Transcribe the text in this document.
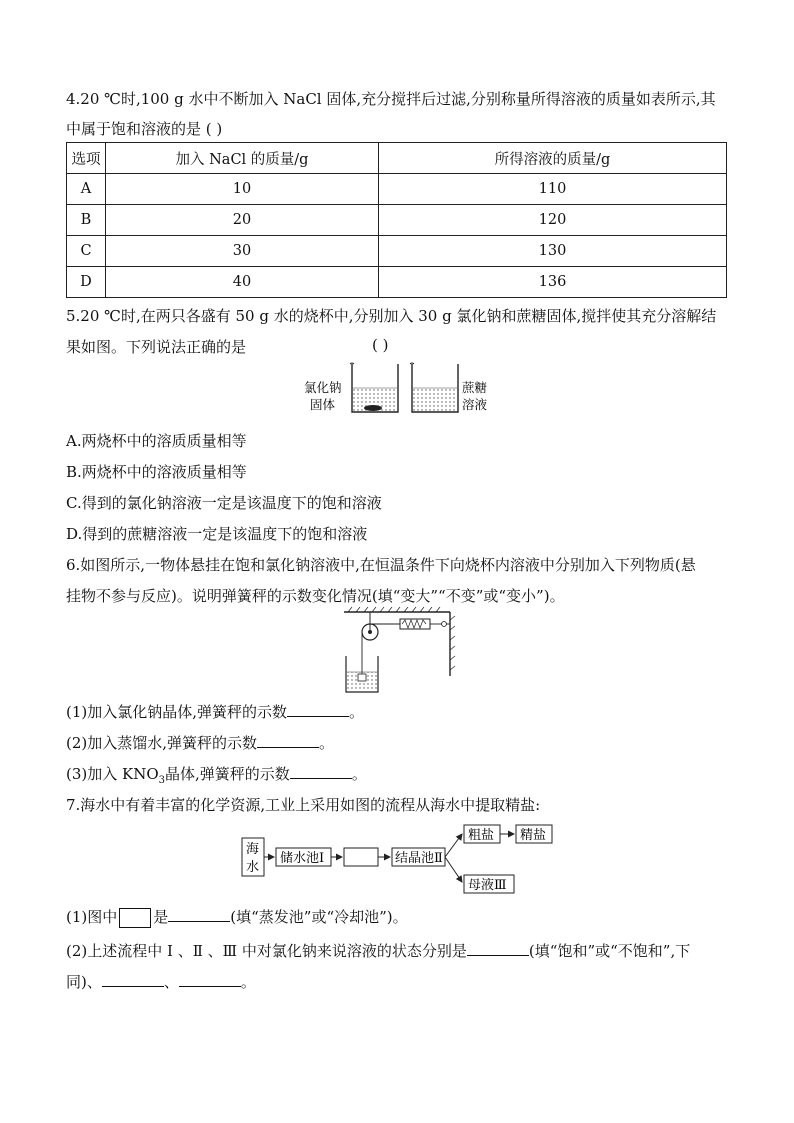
4.20 ℃时,100 g 水中不断加入 NaCl 固体,充分搅拌后过滤,分别称量所得溶液的质量如表所示,其
中属于饱和溶液的是 ( )
选项	加入 NaCl 的质量/g	所得溶液的质量/g
A	10	110
B	20	120
C	30	130
D	40	136
5.20 ℃时,在两只各盛有 50 g 水的烧杯中,分别加入 30 g 氯化钠和蔗糖固体,搅拌使其充分溶解结
果如图。下列说法正确的是	( )
氯化钠
固体
蔗糖
溶液
A.两烧杯中的溶质质量相等
B.两烧杯中的溶液质量相等
C.得到的氯化钠溶液一定是该温度下的饱和溶液
D.得到的蔗糖溶液一定是该温度下的饱和溶液
6.如图所示,一物体悬挂在饱和氯化钠溶液中,在恒温条件下向烧杯内溶液中分别加入下列物质(悬
挂物不参与反应)。说明弹簧秤的示数变化情况(填“变大”“不变”或“变小”)。
(1)加入氯化钠晶体,弹簧秤的示数	。
(2)加入蒸馏水,弹簧秤的示数	。
(3)加入 $KNO_3$晶体,弹簧秤的示数	。
7.海水中有着丰富的化学资源,工业上采用如图的流程从海水中提取精盐:
海
水
储水池Ⅰ	结晶池Ⅱ
粗盐 精盐
母液Ⅲ
(1)图中 是	(填“蒸发池”或“冷却池”)。
(2)上述流程中 Ⅰ 、Ⅱ 、Ⅲ 中对氯化钠来说溶液的状态分别是	(填“饱和”或“不饱和”,下
同)、	、	。
